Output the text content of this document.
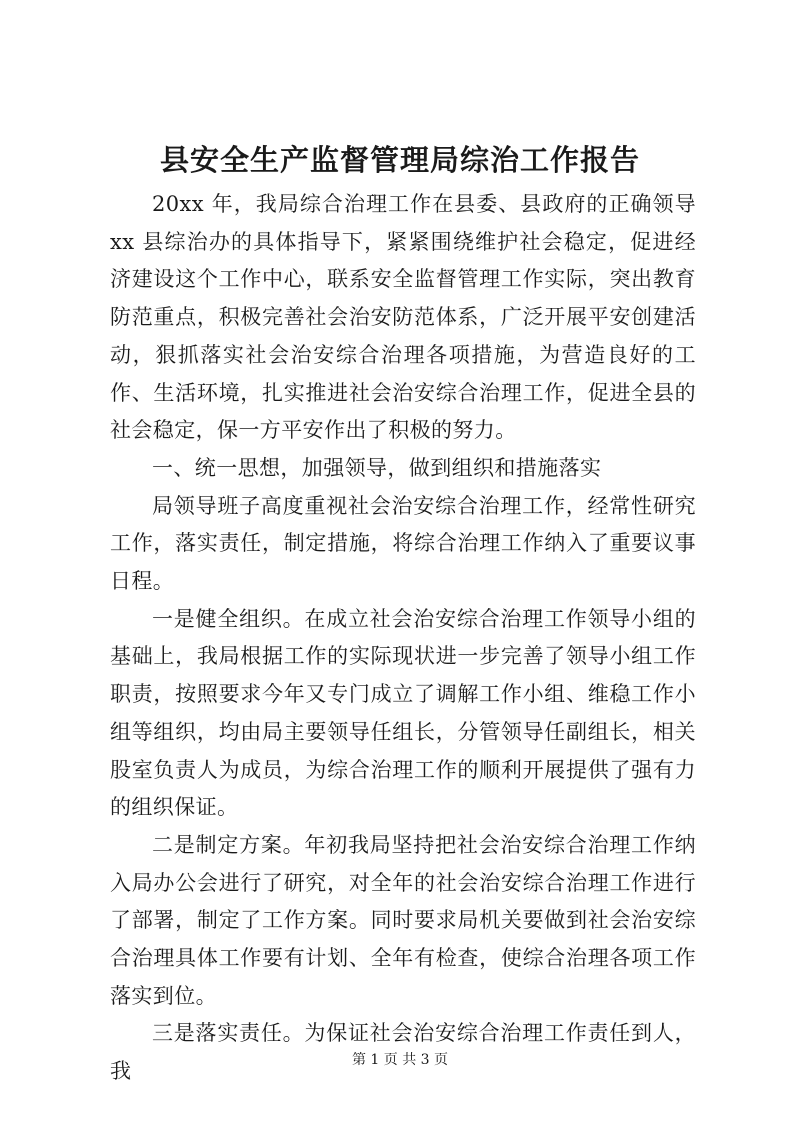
县安全生产监督管理局综治工作报告

20xx 年，我局综合治理工作在县委、县政府的正确领导 xx 县综治办的具体指导下，紧紧围绕维护社会稳定，促进经济建设这个工作中心，联系安全监督管理工作实际，突出教育防范重点，积极完善社会治安防范体系，广泛开展平安创建活动，狠抓落实社会治安综合治理各项措施，为营造良好的工作、生活环境，扎实推进社会治安综合治理工作，促进全县的社会稳定，保一方平安作出了积极的努力。

一、统一思想，加强领导，做到组织和措施落实

局领导班子高度重视社会治安综合治理工作，经常性研究工作，落实责任，制定措施，将综合治理工作纳入了重要议事日程。

一是健全组织。在成立社会治安综合治理工作领导小组的基础上，我局根据工作的实际现状进一步完善了领导小组工作职责，按照要求今年又专门成立了调解工作小组、维稳工作小组等组织，均由局主要领导任组长，分管领导任副组长，相关股室负责人为成员，为综合治理工作的顺利开展提供了强有力的组织保证。

二是制定方案。年初我局坚持把社会治安综合治理工作纳入局办公会进行了研究，对全年的社会治安综合治理工作进行了部署，制定了工作方案。同时要求局机关要做到社会治安综合治理具体工作要有计划、全年有检查，使综合治理各项工作落实到位。

三是落实责任。为保证社会治安综合治理工作责任到人，我	第 1 页 共 3 页
